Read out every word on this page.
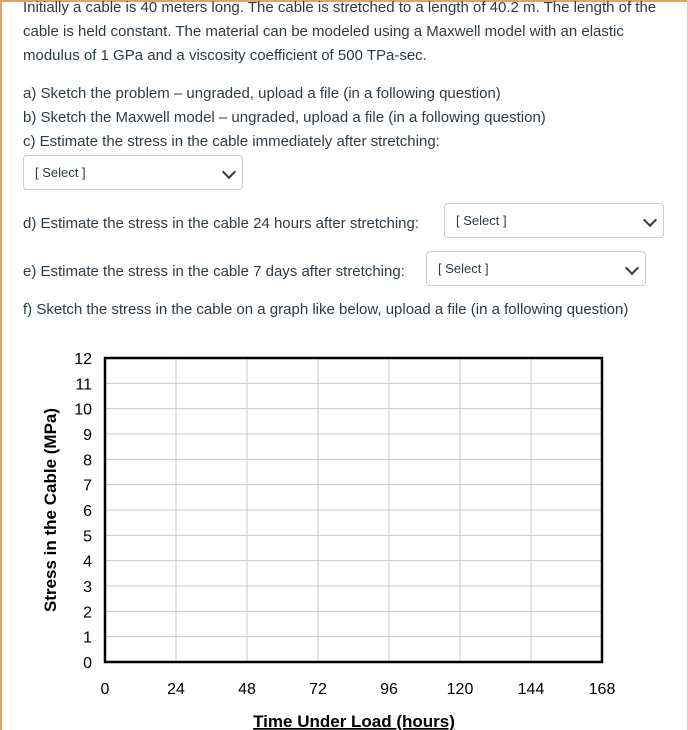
Initially a cable is 40 meters long. The cable is stretched to a length of 40.2 m. The length of the cable is held constant. The material can be modeled using a Maxwell model with an elastic modulus of 1 GPa and a viscosity coefficient of 500 TPa-sec.

a) Sketch the problem – ungraded, upload a file (in a following question)

b) Sketch the Maxwell model – ungraded, upload a file (in a following question)

c) Estimate the stress in the cable immediately after stretching:

[ Select ]

d) Estimate the stress in the cable 24 hours after stretching:	[ Select ]

e) Estimate the stress in the cable 7 days after stretching:	[ Select ]

f) Sketch the stress in the cable on a graph like below, upload a file (in a following question)

0
1
2
3
4
5
6
7
8
9
10
11
12
0	24	48	72	96	120	144	168
Stress in the Cable (MPa)
Time Under Load (hours)
